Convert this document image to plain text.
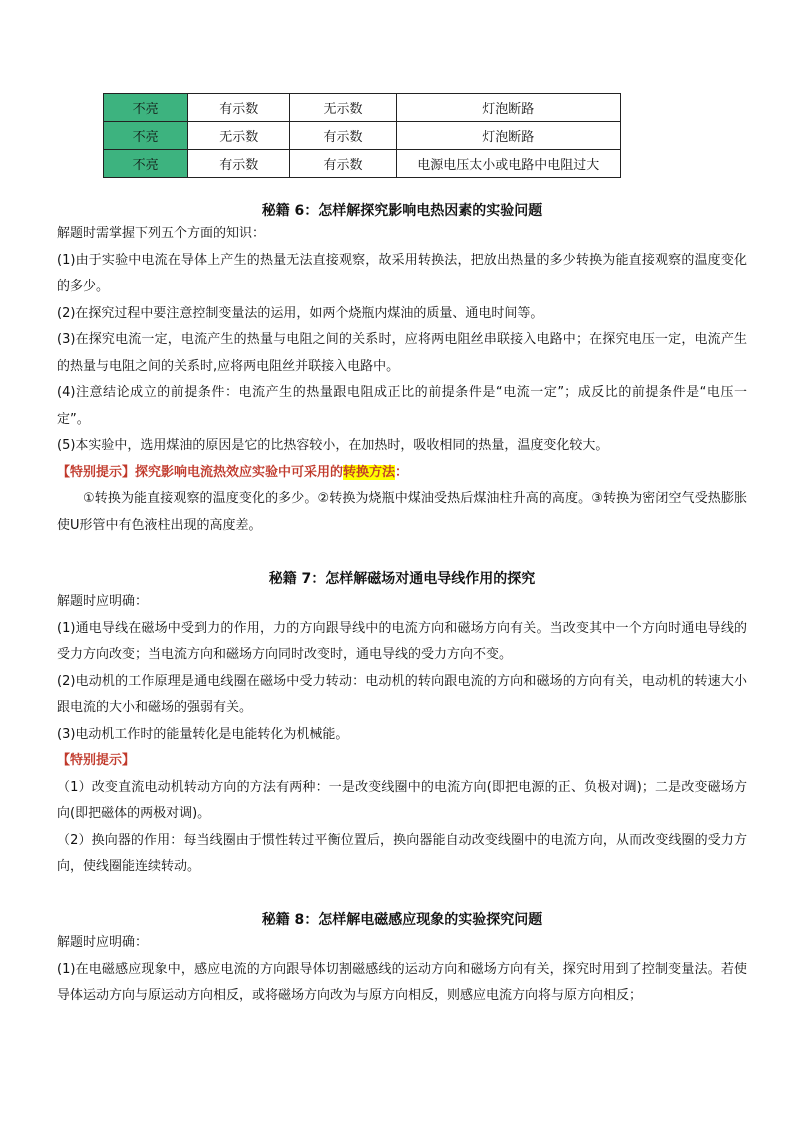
不亮	有示数	无示数	灯泡断路
不亮	无示数	有示数	灯泡断路
不亮	有示数	有示数	电源电压太小或电路中电阻过大

秘籍 6：怎样解探究影响电热因素的实验问题

解题时需掌握下列五个方面的知识：

(1)由于实验中电流在导体上产生的热量无法直接观察，故采用转换法，把放出热量的多少转换为能直接观察的温度变化的多少。

(2)在探究过程中要注意控制变量法的运用，如两个烧瓶内煤油的质量、通电时间等。

(3)在探究电流一定，电流产生的热量与电阻之间的关系时，应将两电阻丝串联接入电路中；在探究电压一定，电流产生的热量与电阻之间的关系时,应将两电阻丝并联接入电路中。

(4)注意结论成立的前提条件：电流产生的热量跟电阻成正比的前提条件是“电流一定”；成反比的前提条件是“电压一定”。

(5)本实验中，选用煤油的原因是它的比热容较小，在加热时，吸收相同的热量，温度变化较大。

【特别提示】探究影响电流热效应实验中可采用的转换方法：

①转换为能直接观察的温度变化的多少。②转换为烧瓶中煤油受热后煤油柱升高的高度。③转换为密闭空气受热膨胀使U形管中有色液柱出现的高度差。

秘籍 7：怎样解磁场对通电导线作用的探究

解题时应明确：

(1)通电导线在磁场中受到力的作用，力的方向跟导线中的电流方向和磁场方向有关。当改变其中一个方向时通电导线的受力方向改变；当电流方向和磁场方向同时改变时，通电导线的受力方向不变。

(2)电动机的工作原理是通电线圈在磁场中受力转动：电动机的转向跟电流的方向和磁场的方向有关，电动机的转速大小跟电流的大小和磁场的强弱有关。

(3)电动机工作时的能量转化是电能转化为机械能。

【特别提示】

（1）改变直流电动机转动方向的方法有两种：一是改变线圈中的电流方向(即把电源的正、负极对调)；二是改变磁场方向(即把磁体的两极对调)。

（2）换向器的作用：每当线圈由于惯性转过平衡位置后，换向器能自动改变线圈中的电流方向，从而改变线圈的受力方向，使线圈能连续转动。

秘籍 8：怎样解电磁感应现象的实验探究问题

解题时应明确：

(1)在电磁感应现象中，感应电流的方向跟导体切割磁感线的运动方向和磁场方向有关，探究时用到了控制变量法。若使导体运动方向与原运动方向相反，或将磁场方向改为与原方向相反，则感应电流方向将与原方向相反；
